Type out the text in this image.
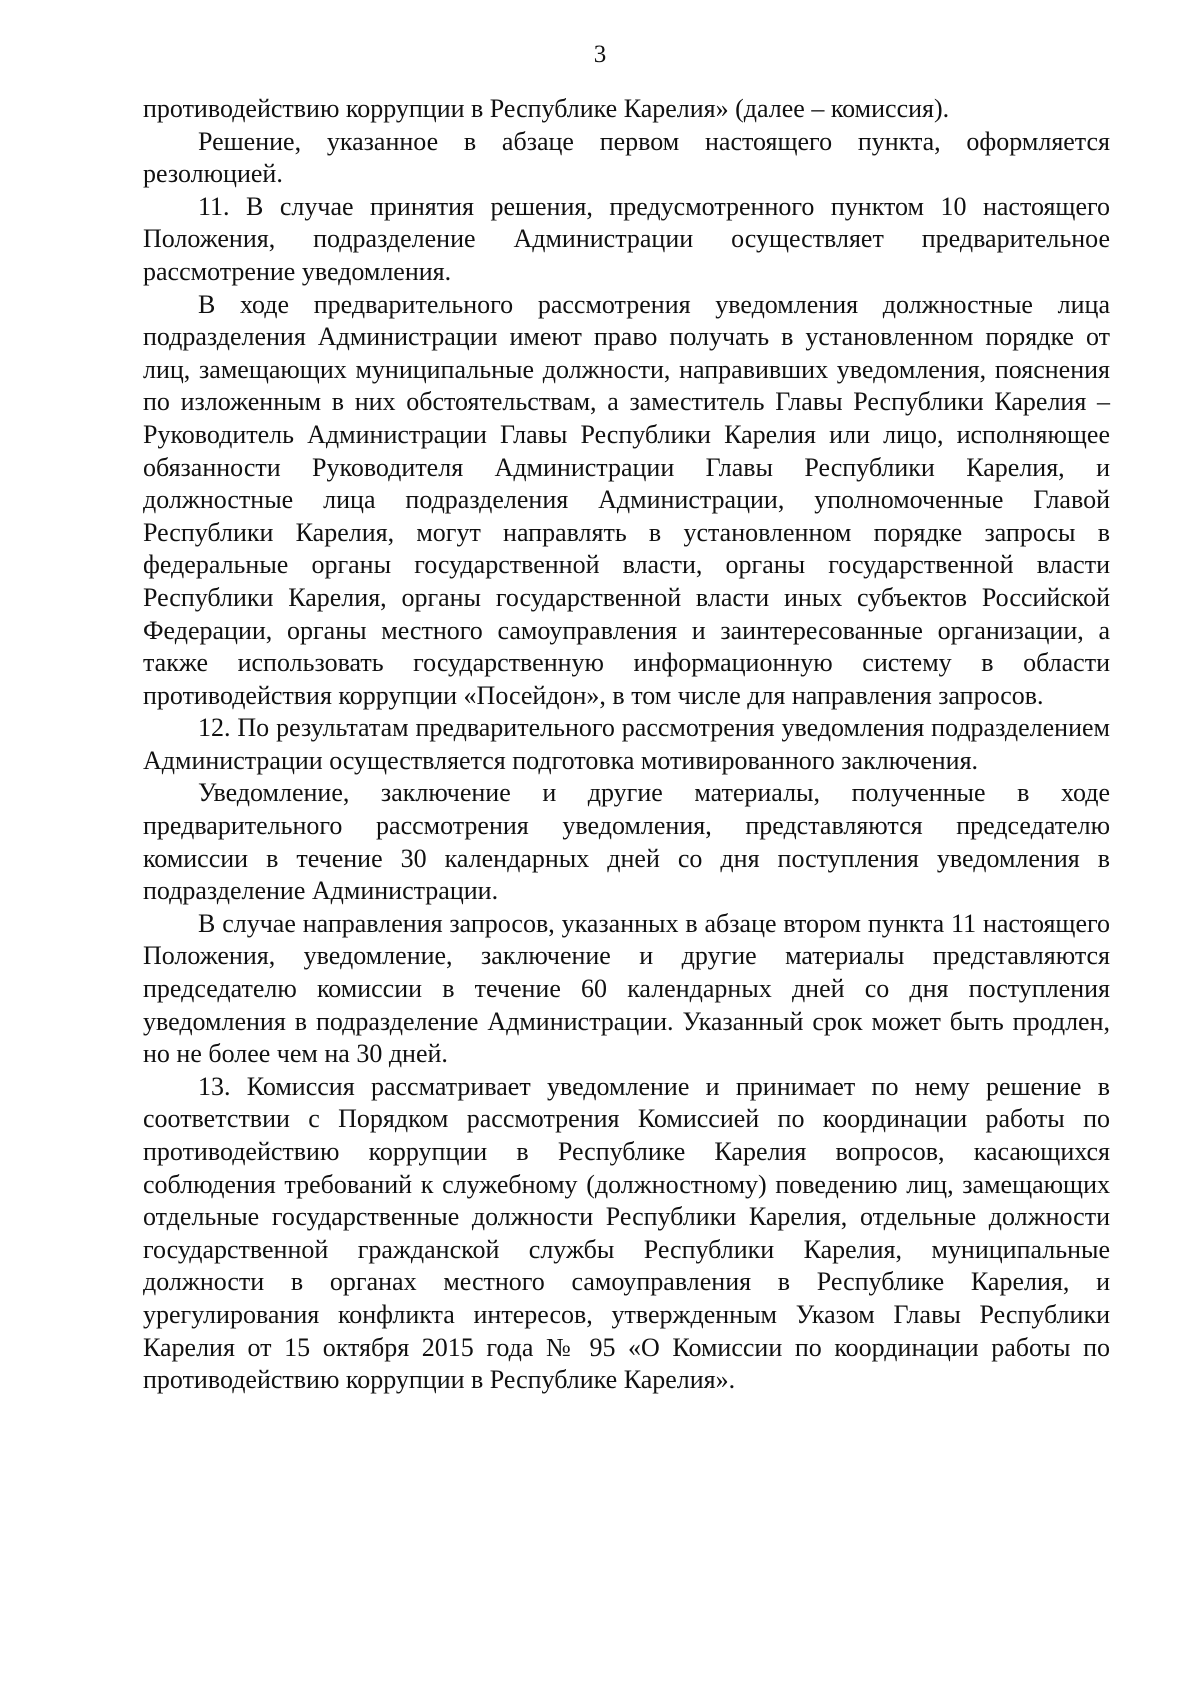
3

противодействию коррупции в Республике Карелия» (далее – комиссия).

Решение, указанное в абзаце первом настоящего пункта, оформляется резолюцией.

11. В случае принятия решения, предусмотренного пунктом 10 настоящего Положения, подразделение Администрации осуществляет предварительное рассмотрение уведомления.

В ходе предварительного рассмотрения уведомления должностные лица подразделения Администрации имеют право получать в установленном порядке от лиц, замещающих муниципальные должности, направивших уведомления, пояснения по изложенным в них обстоятельствам, а заместитель Главы Республики Карелия – Руководитель Администрации Главы Республики Карелия или лицо, исполняющее обязанности Руководителя Администрации Главы Республики Карелия, и должностные лица подразделения Администрации, уполномоченные Главой Республики Карелия, могут направлять в установленном порядке запросы в федеральные органы государственной власти, органы государственной власти Республики Карелия, органы государственной власти иных субъектов Российской Федерации, органы местного самоуправления и заинтересованные организации, а также использовать государственную информационную систему в области противодействия коррупции «Посейдон», в том числе для направления запросов.

12. По результатам предварительного рассмотрения уведомления подразделением Администрации осуществляется подготовка мотивированного заключения.

Уведомление, заключение и другие материалы, полученные в ходе предварительного рассмотрения уведомления, представляются председателю комиссии в течение 30 календарных дней со дня поступления уведомления в подразделение Администрации.

В случае направления запросов, указанных в абзаце втором пункта 11 настоящего Положения, уведомление, заключение и другие материалы представляются председателю комиссии в течение 60 календарных дней со дня поступления уведомления в подразделение Администрации. Указанный срок может быть продлен, но не более чем на 30 дней.

13. Комиссия рассматривает уведомление и принимает по нему решение в соответствии с Порядком рассмотрения Комиссией по координации работы по противодействию коррупции в Республике Карелия вопросов, касающихся соблюдения требований к служебному (должностному) поведению лиц, замещающих отдельные государственные должности Республики Карелия, отдельные должности государственной гражданской службы Республики Карелия, муниципальные должности в органах местного самоуправления в Республике Карелия, и урегулирования конфликта интересов, утвержденным Указом Главы Республики Карелия от 15 октября 2015 года № 95 «О Комиссии по координации работы по противодействию коррупции в Республике Карелия».
